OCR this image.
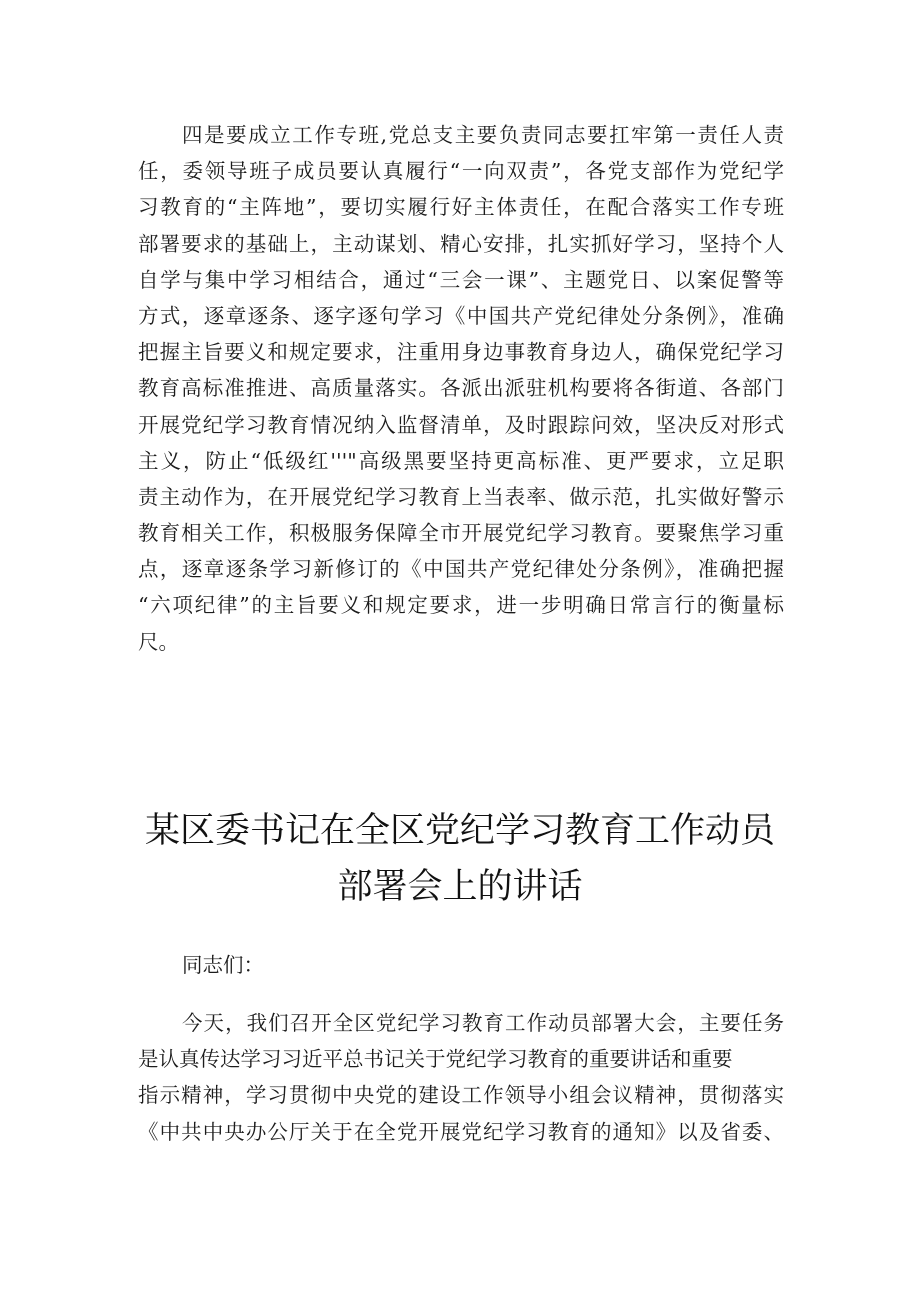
四是要成立工作专班,党总支主要负责同志要扛牢第一责任人责
任，委领导班子成员要认真履行“一向双责”，各党支部作为党纪学
习教育的“主阵地”，要切实履行好主体责任，在配合落实工作专班
部署要求的基础上，主动谋划、精心安排，扎实抓好学习，坚持个人
自学与集中学习相结合，通过“三会一课”、主题党日、以案促警等
方式，逐章逐条、逐字逐句学习《中国共产党纪律处分条例》，准确
把握主旨要义和规定要求，注重用身边事教育身边人，确保党纪学习
教育高标准推进、高质量落实。各派出派驻机构要将各街道、各部门
开展党纪学习教育情况纳入监督清单，及时跟踪问效，坚决反对形式
主义，防止“低级红'''"高级黑要坚持更高标准、更严要求，立足职
责主动作为，在开展党纪学习教育上当表率、做示范，扎实做好警示
教育相关工作，积极服务保障全市开展党纪学习教育。要聚焦学习重
点，逐章逐条学习新修订的《中国共产党纪律处分条例》，准确把握
“六项纪律”的主旨要义和规定要求，进一步明确日常言行的衡量标
尺。
某区委书记在全区党纪学习教育工作动员
部署会上的讲话
同志们：
今天，我们召开全区党纪学习教育工作动员部署大会，主要任务
是认真传达学习习近平总书记关于党纪学习教育的重要讲话和重要
指示精神，学习贯彻中央党的建设工作领导小组会议精神，贯彻落实
《中共中央办公厅关于在全党开展党纪学习教育的通知》以及省委、
